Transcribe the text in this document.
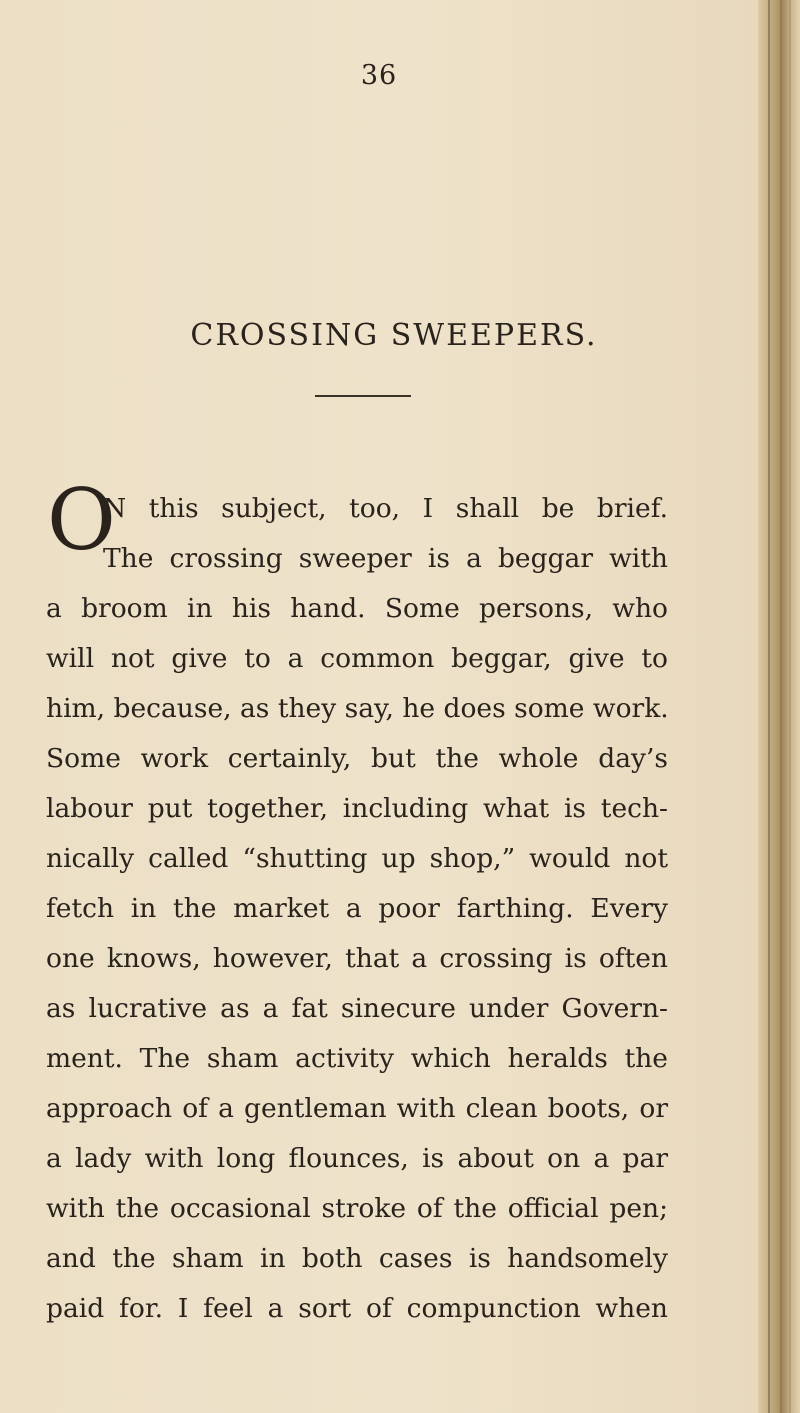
36
CROSSING SWEEPERS.
O
N this subject, too, I shall be brief.
The crossing sweeper is a beggar with
a broom in his hand. Some persons, who
will not give to a common beggar, give to
him, because, as they say, he does some work.
Some work certainly, but the whole day’s
labour put together, including what is tech-
nically called “shutting up shop,” would not
fetch in the market a poor farthing. Every
one knows, however, that a crossing is often
as lucrative as a fat sinecure under Govern-
ment. The sham activity which heralds the
approach of a gentleman with clean boots, or
a lady with long flounces, is about on a par
with the occasional stroke of the official pen;
and the sham in both cases is handsomely
paid for. I feel a sort of compunction when
